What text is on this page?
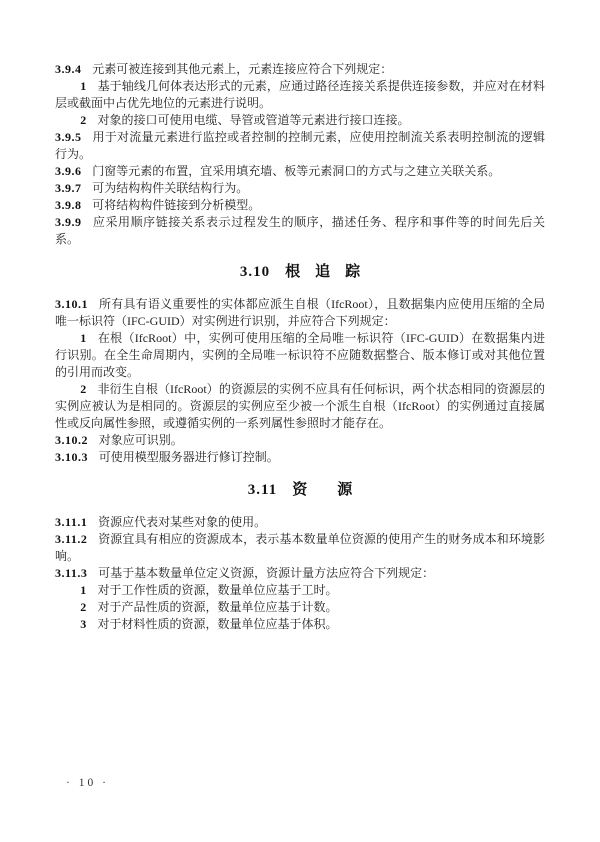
3.9.4 元素可被连接到其他元素上，元素连接应符合下列规定：

1 基于轴线几何体表达形式的元素，应通过路径连接关系提供连接参数，并应对在材料层或截面中占优先地位的元素进行说明。

2 对象的接口可使用电缆、导管或管道等元素进行接口连接。

3.9.5 用于对流量元素进行监控或者控制的控制元素，应使用控制流关系表明控制流的逻辑行为。

3.9.6 门窗等元素的布置，宜采用填充墙、板等元素洞口的方式与之建立关联关系。

3.9.7 可为结构构件关联结构行为。

3.9.8 可将结构构件链接到分析模型。

3.9.9 应采用顺序链接关系表示过程发生的顺序，描述任务、程序和事件等的时间先后关系。

3.10 根　追　踪

3.10.1 所有具有语义重要性的实体都应派生自根（IfcRoot），且数据集内应使用压缩的全局唯一标识符（IFC-GUID）对实例进行识别，并应符合下列规定：

1 在根（IfcRoot）中，实例可使用压缩的全局唯一标识符（IFC-GUID）在数据集内进行识别。在全生命周期内，实例的全局唯一标识符不应随数据整合、版本修订或对其他位置的引用而改变。

2 非衍生自根（IfcRoot）的资源层的实例不应具有任何标识，两个状态相同的资源层的实例应被认为是相同的。资源层的实例应至少被一个派生自根（IfcRoot）的实例通过直接属性或反向属性参照，或遵循实例的一系列属性参照时才能存在。

3.10.2 对象应可识别。

3.10.3 可使用模型服务器进行修订控制。

3.11 资　　源

3.11.1 资源应代表对某些对象的使用。

3.11.2 资源宜具有相应的资源成本，表示基本数量单位资源的使用产生的财务成本和环境影响。

3.11.3 可基于基本数量单位定义资源，资源计量方法应符合下列规定：

1 对于工作性质的资源，数量单位应基于工时。

2 对于产品性质的资源，数量单位应基于计数。

3 对于材料性质的资源，数量单位应基于体积。

· 10 ·
